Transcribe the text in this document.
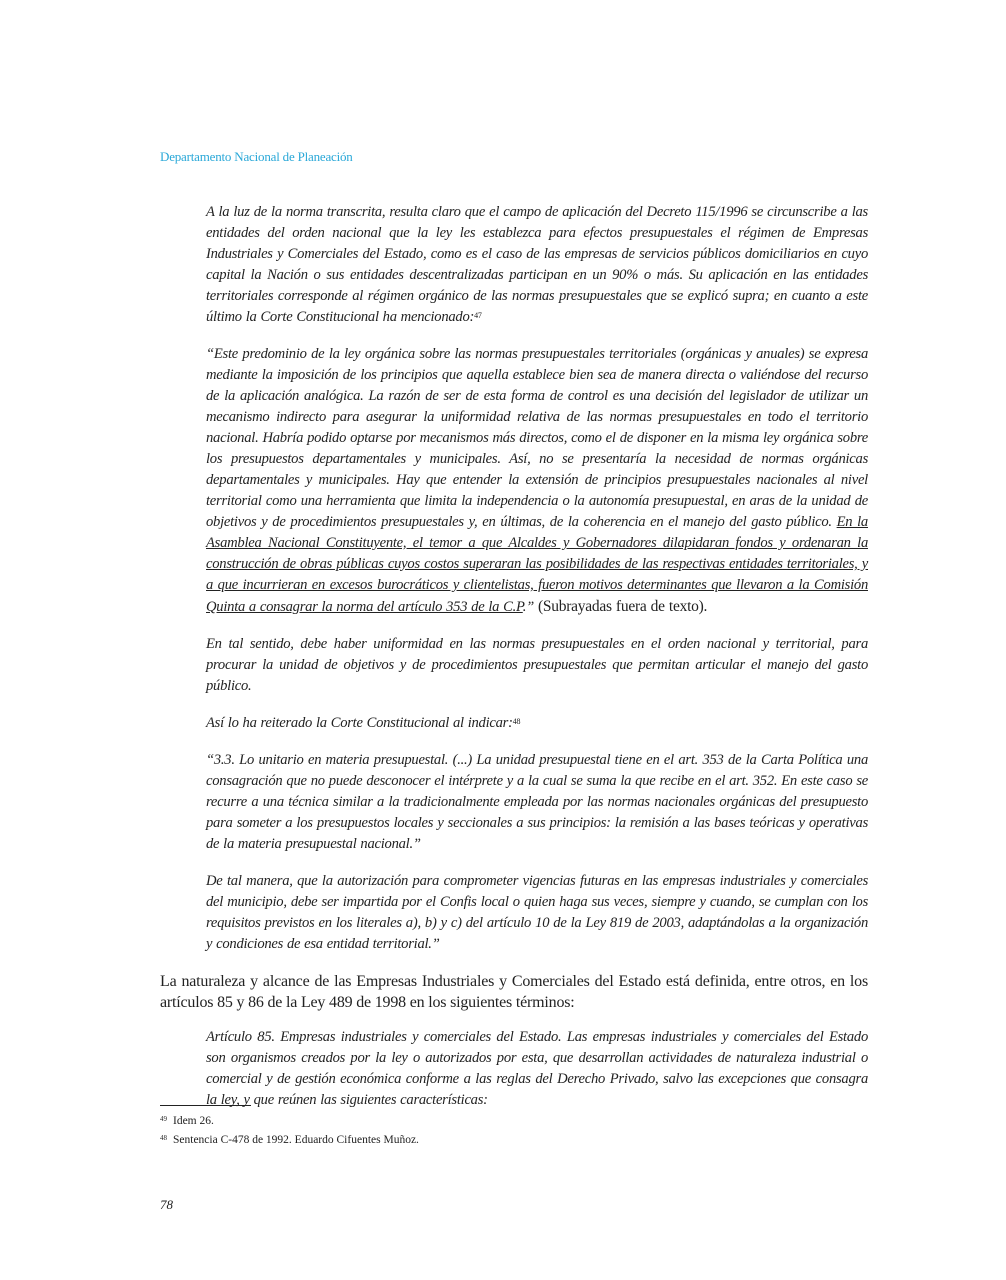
Departamento Nacional de Planeación

A la luz de la norma transcrita, resulta claro que el campo de aplicación del Decreto 115/1996 se circunscribe a las entidades del orden nacional que la ley les establezca para efectos presupuestales el régimen de Empresas Industriales y Comerciales del Estado, como es el caso de las empresas de servicios públicos domiciliarios en cuyo capital la Nación o sus entidades descentralizadas participan en un 90% o más. Su aplicación en las entidades territoriales corresponde al régimen orgánico de las normas presupuestales que se explicó supra; en cuanto a este último la Corte Constitucional ha mencionado:$^{47}$

“Este predominio de la ley orgánica sobre las normas presupuestales territoriales (orgánicas y anuales) se expresa mediante la imposición de los principios que aquella establece bien sea de manera directa o valiéndose del recurso de la aplicación analógica. La razón de ser de esta forma de control es una decisión del legislador de utilizar un mecanismo indirecto para asegurar la uniformidad relativa de las normas presupuestales en todo el territorio nacional. Habría podido optarse por mecanismos más directos, como el de disponer en la misma ley orgánica sobre los presupuestos departamentales y municipales. Así, no se presentaría la necesidad de normas orgánicas departamentales y municipales. Hay que entender la extensión de principios presupuestales nacionales al nivel territorial como una herramienta que limita la independencia o la autonomía presupuestal, en aras de la unidad de objetivos y de procedimientos presupuestales y, en últimas, de la coherencia en el manejo del gasto público. En la Asamblea Nacional Constituyente, el temor a que Alcaldes y Gobernadores dilapidaran fondos y ordenaran la construcción de obras públicas cuyos costos superaran las posibilidades de las respectivas entidades territoriales, y a que incurrieran en excesos burocráticos y clientelistas, fueron motivos determinantes que llevaron a la Comisión Quinta a consagrar la norma del artículo 353 de la C.P.” (Subrayadas fuera de texto).

En tal sentido, debe haber uniformidad en las normas presupuestales en el orden nacional y territorial, para procurar la unidad de objetivos y de procedimientos presupuestales que permitan articular el manejo del gasto público.

Así lo ha reiterado la Corte Constitucional al indicar:$^{48}$

“3.3. Lo unitario en materia presupuestal. (...) La unidad presupuestal tiene en el art. 353 de la Carta Política una consagración que no puede desconocer el intérprete y a la cual se suma la que recibe en el art. 352. En este caso se recurre a una técnica similar a la tradicionalmente empleada por las normas nacionales orgánicas del presupuesto para someter a los presupuestos locales y seccionales a sus principios: la remisión a las bases teóricas y operativas de la materia presupuestal nacional.”

De tal manera, que la autorización para comprometer vigencias futuras en las empresas industriales y comerciales del municipio, debe ser impartida por el Confis local o quien haga sus veces, siempre y cuando, se cumplan con los requisitos previstos en los literales a), b) y c) del artículo 10 de la Ley 819 de 2003, adaptándolas a la organización y condiciones de esa entidad territorial.”

La naturaleza y alcance de las Empresas Industriales y Comerciales del Estado está definida, entre otros, en los artículos 85 y 86 de la Ley 489 de 1998 en los siguientes términos:

Artículo 85. Empresas industriales y comerciales del Estado. Las empresas industriales y comerciales del Estado son organismos creados por la ley o autorizados por esta, que desarrollan actividades de naturaleza industrial o comercial y de gestión económica conforme a las reglas del Derecho Privado, salvo las excepciones que consagra la ley, y que reúnen las siguientes características:

$^{49}$ Idem 26.
$^{48}$ Sentencia C-478 de 1992. Eduardo Cifuentes Muñoz.
78
